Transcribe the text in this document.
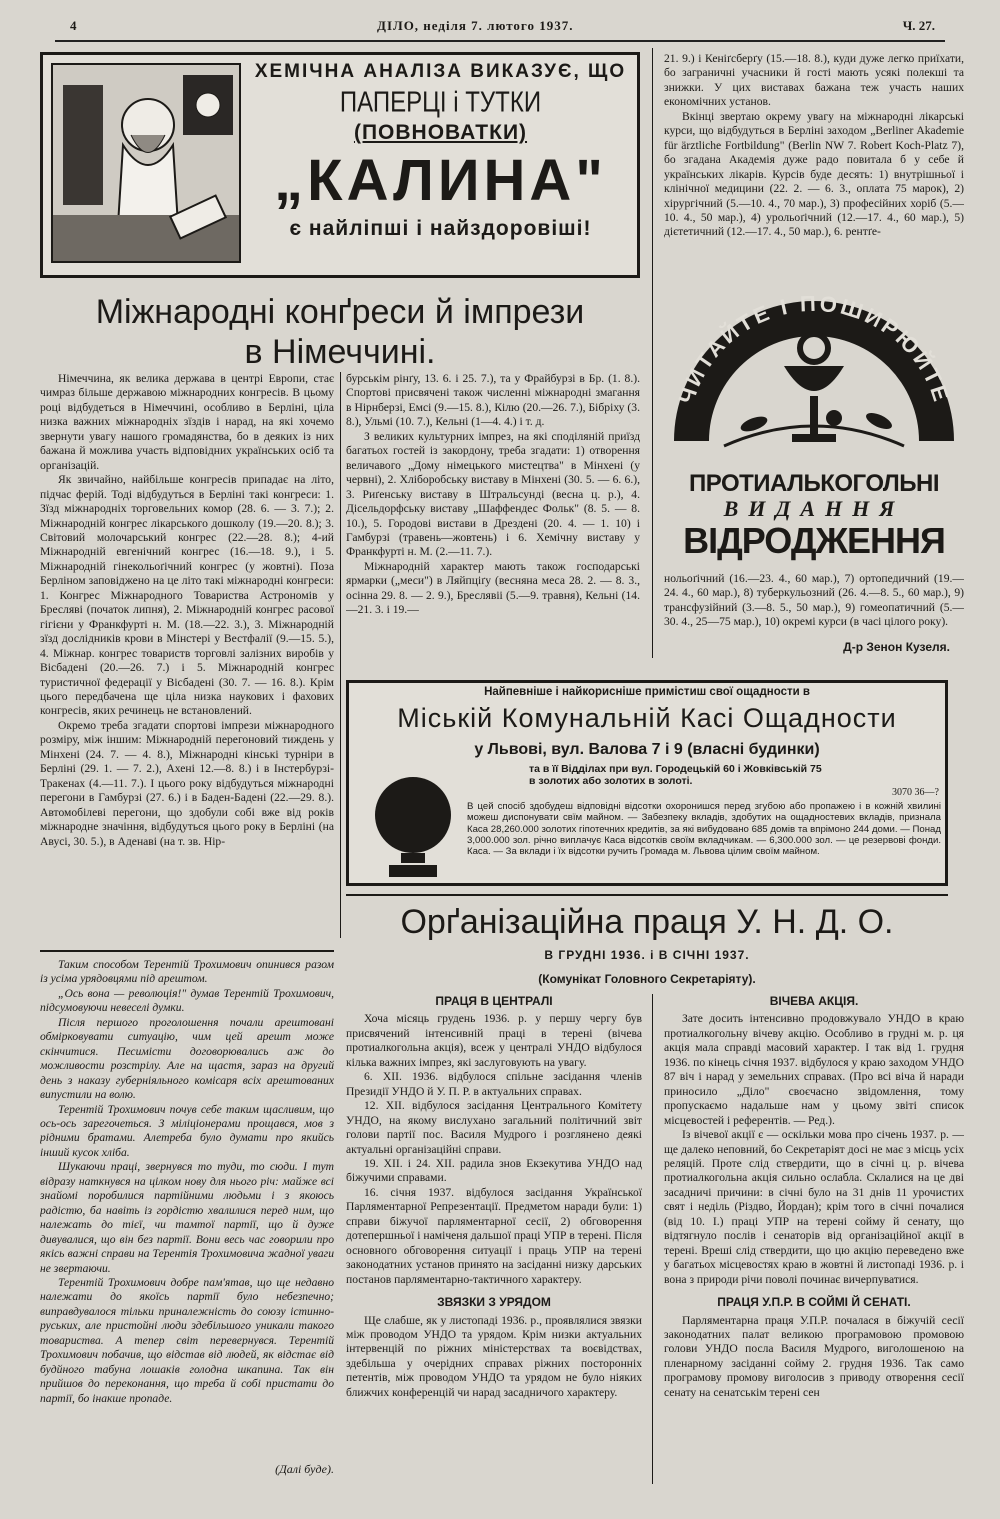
4	ДІЛО, неділя 7. лютого 1937.	Ч. 27.
ХЕМІЧНА АНАЛІЗА ВИКАЗУЄ, ЩО
ПАПЕРЦІ і ТУТКИ
(ПОВНОВАТКИ)
„КАЛИНА"
є найліпші і найздоровіші!
Міжнародні конґреси й імпрези
в Німеччині.

Німеччина, як велика держава в центрі Европи, стає чимраз більше державою міжнародних конгресів. В цьому році відбудеться в Німеччині, особливо в Берліні, ціла низка важних міжнародніх зїздів і нарад, на які хочемо звернути увагу нашого громадянства, бо в деяких із них бажана й можлива участь відповідних українських осіб та організацій.

Як звичайно, найбільше конгресів припадає на літо, підчас ферій. Тоді відбудуться в Берліні такі конгреси: 1. Зїзд міжнародніх торговельних комор (28. 6. — 3. 7.); 2. Міжнародній конгрес лікарського дошколу (19.—20. 8.); 3. Світовий молочарський конгрес (22.—28. 8.); 4-ий Міжнародній евгенічний конгрес (16.—18. 9.), і 5. Міжнародній гінекольоґічний конгрес (у жовтні). Поза Берліном заповіджено на це літо такі міжнародні конгреси: 1. Конгрес Міжнародного Товариства Астрономів у Бресляві (початок липня), 2. Міжнародній конгрес расової гігієни у Франкфурті н. М. (18.—22. 3.), 3. Міжнародній зїзд дослідників крови в Мінстері у Вестфалії (9.—15. 5.), 4. Міжнар. конгрес товариств торговлі залізних виробів у Вісбадені (20.—26. 7.) і 5. Міжнародній конгрес туристичної федерації у Вісбадені (30. 7. — 16. 8.). Крім цього передбачена ще ціла низка наукових і фахових конгресів, яких речинець не встановлений.

Окремо треба згадати спортові імпрези міжнародного розміру, між іншим: Міжнародній перегоновий тиждень у Мінхені (24. 7. — 4. 8.), Міжнародні кінські турніри в Берліні (29. 1. — 7. 2.), Ахені 12.—8. 8.) і в Інстербурзі-Тракенах (4.—11. 7.). І цього року відбудуться міжнародні перегони в Гамбурзі (27. 6.) і в Баден-Бадені (22.—29. 8.). Автомобілеві перегони, що здобули собі вже від років міжнародне значіння, відбудуться цього року в Берліні (на Авусі, 30. 5.), в Аденаві (на т. зв. Нір-

бурськім рінґу, 13. 6. і 25. 7.), та у Фрайбурзі в Бр. (1. 8.). Спортові присвячені також численні міжнародні змагання в Нірнберзі, Емсі (9.—15. 8.), Кілю (20.—26. 7.), Бібріху (3. 8.), Ульмі (10. 7.), Кельні (1—4. 4.) і т. д.

З великих культурних імпрез, на які споділяній приїзд багатьох гостей із закордону, треба згадати: 1) отворення величавого „Дому німецького мистецтва" в Мінхені (у червні), 2. Хліборобську виставу в Мінхені (30. 5. — 6. 6.), 3. Риґенську виставу в Штральсунді (весна ц. р.), 4. Дісельдорфську виставу „Шаффендес Фольк" (8. 5. — 8. 10.), 5. Городові вистави в Дрездені (20. 4. — 1. 10) і Гамбурзі (травень—жовтень) і 6. Хемічну виставу у Франкфурті н. М. (2.—11. 7.).

Міжнародній характер мають також господарські ярмарки („меси") в Ляйпціґу (весняна меса 28. 2. — 8. 3., осінна 29. 8. — 2. 9.), Бреслявіі (5.—9. травня), Кельні (14.—21. 3. і 19.—

21. 9.) і Кеніґсберґу (15.—18. 8.), куди дуже легко приїхати, бо заграничні учасники й гості мають усякі полекші та знижки. У цих виставах бажана теж участь наших економічних установ.

Вкінці звертаю окрему увагу на міжнародні лікарські курси, що відбудуться в Берліні заходом „Berliner Akademie für ärztliche Fortbildung" (Berlin NW 7. Robert Koch-Platz 7), бо згадана Академія дуже радо повитала б у себе й українських лікарів. Курсів буде десять: 1) внутрішньої і клінічної медицини (22. 2. — 6. 3., оплата 75 марок), 2) хірургічний (5.—10. 4., 70 мар.), 3) професійних хоріб (5.—10. 4., 50 мар.), 4) урольоґічний (12.—17. 4., 60 мар.), 5) дієтетичний (12.—17. 4., 50 мар.), 6. рентґе-

ЧИТАЙТЕ І ПОШИРЮЙТЕ
ПРОТИАЛЬКОГОЛЬНІ
ВИДАННЯ
ВІДРОДЖЕННЯ

нольоґічний (16.—23. 4., 60 мар.), 7) ортопедичний (19.—24. 4., 60 мар.), 8) туберкульозний (26. 4.—8. 5., 60 мар.), 9) трансфузійний (3.—8. 5., 50 мар.), 9) гомеопатичний (5.—30. 4., 25—75 мар.), 10) окремі курси (в часі цілого року).

Д-р Зенон Кузеля.
Найпевніше і найкорисніше примістиш свої ощадности в
Міській Комунальній Касі Ощадности
у Львові, вул. Валова 7 і 9 (власні будинки)
та в її Відділах при вул. Городецькій 60 і Жовківській 75
в золотих або золотих в золоті.
3070 36—?
В цей спосіб здобудеш відповідні відсотки охоронишся перед згубою або пропажею і в кожній хвилині можеш диспонувати свїм майном. — Забезпеку вкладів, здобутих на ощадностевих вкладів, признала Каса 28,260.000 золотих гіпотечних кредитів, за які вибудовано 685 домів та впрімоно 244 доми. — Понад 3,000.000 зол. річно виплачує Каса відсотків своїм вкладчикам. — 6,300.000 зол. — це резервові фонди. Каса. — За вклади і їх відсотки ручить Громада м. Львова цілим своїм майном.

Таким способом Терентій Трохимович опинився разом із усіма урядовцями під арештом.

„Ось вона — революція!" думав Терентій Трохимович, підсумовуючи невеселі думки.

Після першого проголошення почали арештовані обмірковувати ситуацію, чим цей арешт може скінчитися. Песимісти договорювались аж до можливости розстрілу. Але на щастя, зараз на другий день з наказу губерніяльного комісаря всіх арештованих випустили на волю.

Терентій Трохимович почув себе таким щасливим, що ось-ось зарегочеться. З міліціонерами прощався, мов з рідними братами. Алетреба було думати про якийсь інший кусок хліба.

Шукаючи праці, звернувся то туди, то сюди. І тут відразу наткнувся на цілком нову для нього річ: майже всі знайомі поробилися партійними людьми і з якоюсь радістю, ба навіть із гордістю хвалилися перед ним, що належать до тієї, чи тамтої партії, що й дуже дивувалися, що він без партії. Вони весь час говорили про якісь важні справи на Терентія Трохимовича жадної уваги не звертаючи.

Терентій Трохимович добре пам'ятав, що ще недавно належати до якоїсь партії було небезпечно; виправдувалося тільки приналежність до союзу істинно-руських, але пристойні люди здебільшого уникали такого товариства. А тепер світ перевернувся. Терентій Трохимович побачив, що відстав від людей, як відстає від будйного табуна лошаків голодна шкапина. Так він прийшов до переконання, що треба й собі пристати до партії, бо інакше пропаде.

(Далі буде).
Орґанізаційна праця У. Н. Д. О.
В ГРУДНІ 1936. і В СІЧНІ 1937.
(Комунікат Головного Секретаріяту).
ПРАЦЯ В ЦЕНТРАЛІ

Хоча місяць грудень 1936. р. у першу чергу був присвячений інтенсивній праці в терені (вічева протиалкогольна акція), всеж у централі УНДО відбулося кілька важних імпрез, які заслуговують на увагу.

6. XII. 1936. відбулося спільне засідання членів Президії УНДО й У. П. Р. в актуальних справах.

12. XII. відбулося засідання Центрального Комітету УНДО, на якому вислухано загальний політичний звіт голови партії пос. Василя Мудрого і розглянено деякі актуальні організаційні справи.

19. XII. і 24. XII. радила знов Екзекутива УНДО над біжучими справами.

16. січня 1937. відбулося засідання Української Парляментарної Репрезентації. Предметом наради були: 1) справи біжучої парляментарної сесії, 2) обговорення дотепершньої і наміченя дальшої праці УПР в терені. Після основного обговорення ситуації і праць УПР на терені законодатних установ принято на засіданні низку дарських постанов парляментарно-тактичного характеру.

ЗВЯЗКИ З УРЯДОМ

Ще слабше, як у листопаді 1936. р., проявлялися звязки між проводом УНДО та урядом. Крім низки актуальних інтервенцій по ріжних міністерствах та воєвідствах, здебільша у очерідних справах ріжних посторонніх петентів, між проводом УНДО та урядом не було ніяких ближчих конференцій чи нарад засадничого характеру.

ВІЧЕВА АКЦІЯ.

Зате досить інтенсивно продовжувало УНДО в краю протиалкогольну вічеву акцію. Особливо в грудні м. р. ця акція мала справді масовий характер. І так від 1. грудня 1936. по кінець січня 1937. відбулося у краю заходом УНДО 87 віч і нарад у земельних справах. (Про всі віча й наради приносило „Діло" своєчасно звідомлення, тому пропускаємо надальше нам у цьому звіті список місцевостей і референтів. — Ред.).

Із вічевої акції є — оскільки мова про січень 1937. р. — ще далеко неповний, бо Секретаріят досі не має з місць усіх реляцій. Проте слід ствердити, що в січні ц. р. вічева протиалкогольна акція сильно ослабла. Склалися на це дві засадничі причини: в січні було на 31 днів 11 урочистих свят і неділь (Різдво, Йордан); крім того в січні почалися (від 10. I.) праці УПР на терені сойму й сенату, що відтягнуло послів і сенаторів від організаційної акції в терені. Вреші слід ствердити, що цю акцію переведено вже у багатьох місцевостях краю в жовтні й листопаді 1936. р. і вона з природи річи поволі починає вичерпуватися.

ПРАЦЯ У.П.Р. В СОЙМІ Й СЕНАТІ.

Парляментарна праця У.П.Р. почалася в біжучій сесії законодатних палат великою програмовою промовою голови УНДО посла Василя Мудрого, виголошеною на пленарному засіданні сойму 2. грудня 1936. Так само програмову промову виголосив з приводу отворення сесії сенату на сенатськім терені сен
